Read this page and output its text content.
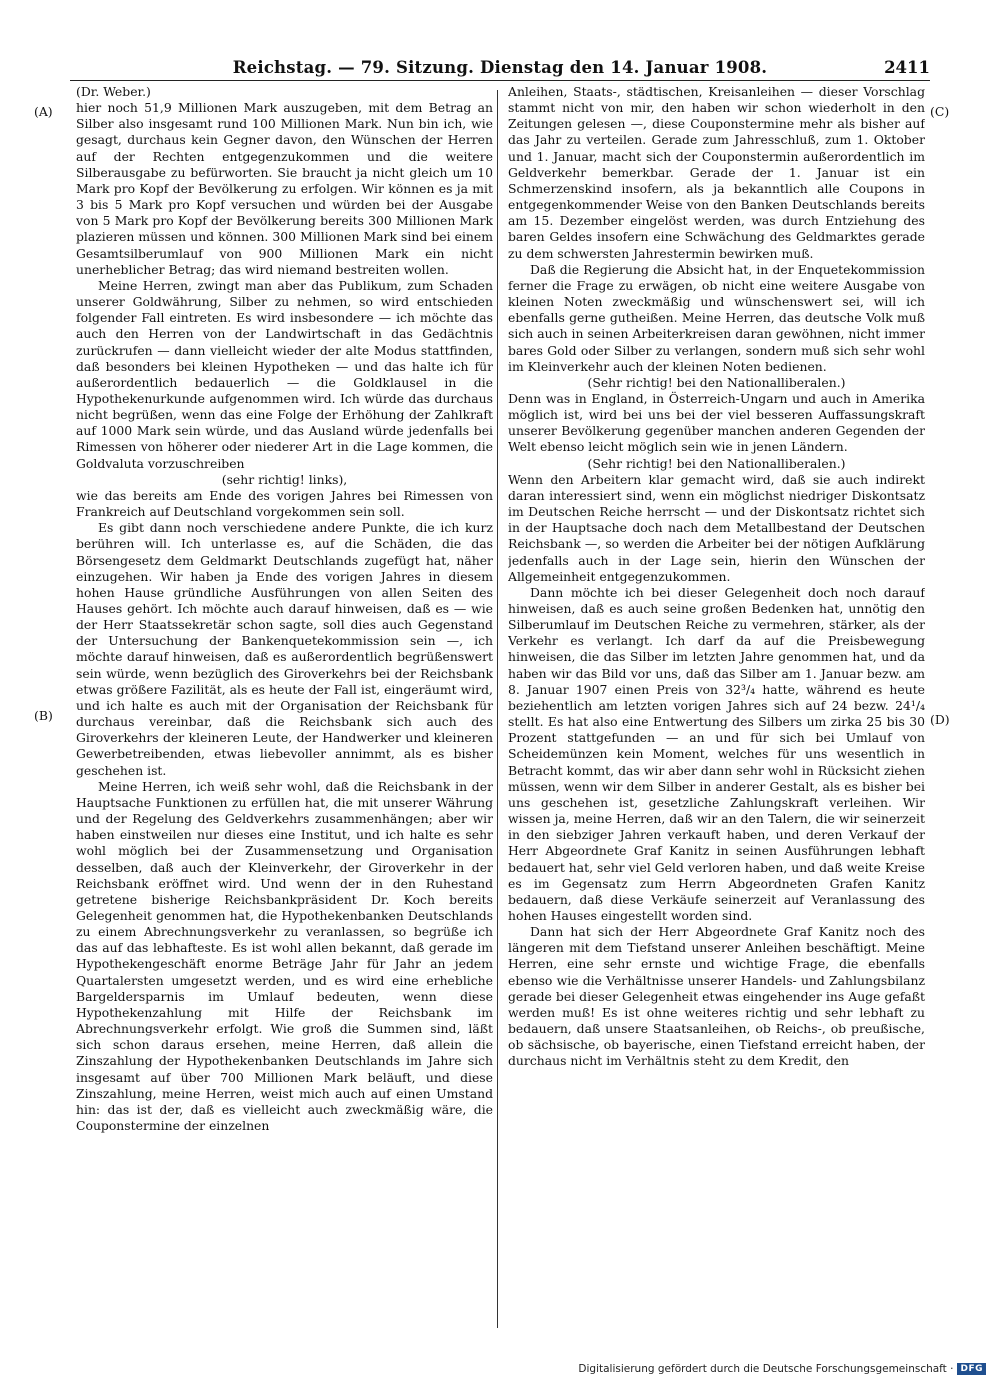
Reichstag. — 79. Sitzung. Dienstag den 14. Januar 1908.	2411
(A)
(B)
(C)
(D)
(Dr. Weber.)

hier noch 51,9 Millionen Mark auszugeben, mit dem Betrag an Silber also insgesamt rund 100 Millionen Mark. Nun bin ich, wie gesagt, durchaus kein Gegner davon, den Wünschen der Herren auf der Rechten entgegenzukommen und die weitere Silberausgabe zu befürworten. Sie braucht ja nicht gleich um 10 Mark pro Kopf der Bevölkerung zu erfolgen. Wir können es ja mit 3 bis 5 Mark pro Kopf versuchen und würden bei der Ausgabe von 5 Mark pro Kopf der Bevölkerung bereits 300 Millionen Mark plazieren müssen und können. 300 Millionen Mark sind bei einem Gesamtsilberumlauf von 900 Millionen Mark ein nicht unerheblicher Betrag; das wird niemand bestreiten wollen.

Meine Herren, zwingt man aber das Publikum, zum Schaden unserer Goldwährung, Silber zu nehmen, so wird entschieden folgender Fall eintreten. Es wird insbesondere — ich möchte das auch den Herren von der Landwirtschaft in das Gedächtnis zurückrufen — dann vielleicht wieder der alte Modus stattfinden, daß besonders bei kleinen Hypotheken — und das halte ich für außerordentlich bedauerlich — die Goldklausel in die Hypothekenurkunde aufgenommen wird. Ich würde das durchaus nicht begrüßen, wenn das eine Folge der Erhöhung der Zahlkraft auf 1000 Mark sein würde, und das Ausland würde jedenfalls bei Rimessen von höherer oder niederer Art in die Lage kommen, die Goldvaluta vorzuschreiben

(sehr richtig! links),

wie das bereits am Ende des vorigen Jahres bei Rimessen von Frankreich auf Deutschland vorgekommen sein soll.

Es gibt dann noch verschiedene andere Punkte, die ich kurz berühren will. Ich unterlasse es, auf die Schäden, die das Börsengesetz dem Geldmarkt Deutschlands zugefügt hat, näher einzugehen. Wir haben ja Ende des vorigen Jahres in diesem hohen Hause gründliche Ausführungen von allen Seiten des Hauses gehört. Ich möchte auch darauf hinweisen, daß es — wie der Herr Staatssekretär schon sagte, soll dies auch Gegenstand der Untersuchung der Bankenquetekommission sein —, ich möchte darauf hinweisen, daß es außerordentlich begrüßenswert sein würde, wenn bezüglich des Giroverkehrs bei der Reichsbank etwas größere Fazilität, als es heute der Fall ist, eingeräumt wird, und ich halte es auch mit der Organisation der Reichsbank für durchaus vereinbar, daß die Reichsbank sich auch des Giroverkehrs der kleineren Leute, der Handwerker und kleineren Gewerbetreibenden, etwas liebevoller annimmt, als es bisher geschehen ist.

Meine Herren, ich weiß sehr wohl, daß die Reichsbank in der Hauptsache Funktionen zu erfüllen hat, die mit unserer Währung und der Regelung des Geldverkehrs zusammenhängen; aber wir haben einstweilen nur dieses eine Institut, und ich halte es sehr wohl möglich bei der Zusammensetzung und Organisation desselben, daß auch der Kleinverkehr, der Giroverkehr in der Reichsbank eröffnet wird. Und wenn der in den Ruhestand getretene bisherige Reichsbankpräsident Dr. Koch bereits Gelegenheit genommen hat, die Hypothekenbanken Deutschlands zu einem Abrechnungsverkehr zu veranlassen, so begrüße ich das auf das lebhafteste. Es ist wohl allen bekannt, daß gerade im Hypothekengeschäft enorme Beträge Jahr für Jahr an jedem Quartalersten umgesetzt werden, und es wird eine erhebliche Bargeldersparnis im Umlauf bedeuten, wenn diese Hypothekenzahlung mit Hilfe der Reichsbank im Abrechnungsverkehr erfolgt. Wie groß die Summen sind, läßt sich schon daraus ersehen, meine Herren, daß allein die Zinszahlung der Hypothekenbanken Deutschlands im Jahre sich insgesamt auf über 700 Millionen Mark beläuft, und diese Zinszahlung, meine Herren, weist mich auch auf einen Umstand hin: das ist der, daß es vielleicht auch zweckmäßig wäre, die Couponstermine der einzelnen

Anleihen, Staats-, städtischen, Kreisanleihen — dieser Vorschlag stammt nicht von mir, den haben wir schon wiederholt in den Zeitungen gelesen —, diese Couponstermine mehr als bisher auf das Jahr zu verteilen. Gerade zum Jahresschluß, zum 1. Oktober und 1. Januar, macht sich der Couponstermin außerordentlich im Geldverkehr bemerkbar. Gerade der 1. Januar ist ein Schmerzenskind insofern, als ja bekanntlich alle Coupons in entgegenkommender Weise von den Banken Deutschlands bereits am 15. Dezember eingelöst werden, was durch Entziehung des baren Geldes insofern eine Schwächung des Geldmarktes gerade zu dem schwersten Jahrestermin bewirken muß.

Daß die Regierung die Absicht hat, in der Enquetekommission ferner die Frage zu erwägen, ob nicht eine weitere Ausgabe von kleinen Noten zweckmäßig und wünschenswert sei, will ich ebenfalls gerne gutheißen. Meine Herren, das deutsche Volk muß sich auch in seinen Arbeiterkreisen daran gewöhnen, nicht immer bares Gold oder Silber zu verlangen, sondern muß sich sehr wohl im Kleinverkehr auch der kleinen Noten bedienen.

(Sehr richtig! bei den Nationalliberalen.)

Denn was in England, in Österreich-Ungarn und auch in Amerika möglich ist, wird bei uns bei der viel besseren Auffassungskraft unserer Bevölkerung gegenüber manchen anderen Gegenden der Welt ebenso leicht möglich sein wie in jenen Ländern.

(Sehr richtig! bei den Nationalliberalen.)

Wenn den Arbeitern klar gemacht wird, daß sie auch indirekt daran interessiert sind, wenn ein möglichst niedriger Diskontsatz im Deutschen Reiche herrscht — und der Diskontsatz richtet sich in der Hauptsache doch nach dem Metallbestand der Deutschen Reichsbank —, so werden die Arbeiter bei der nötigen Aufklärung jedenfalls auch in der Lage sein, hierin den Wünschen der Allgemeinheit entgegenzukommen.

Dann möchte ich bei dieser Gelegenheit doch noch darauf hinweisen, daß es auch seine großen Bedenken hat, unnötig den Silberumlauf im Deutschen Reiche zu vermehren, stärker, als der Verkehr es verlangt. Ich darf da auf die Preisbewegung hinweisen, die das Silber im letzten Jahre genommen hat, und da haben wir das Bild vor uns, daß das Silber am 1. Januar bezw. am 8. Januar 1907 einen Preis von 32³/₄ hatte, während es heute beziehentlich am letzten vorigen Jahres sich auf 24 bezw. 24¹/₄ stellt. Es hat also eine Entwertung des Silbers um zirka 25 bis 30 Prozent stattgefunden — an und für sich bei Umlauf von Scheidemünzen kein Moment, welches für uns wesentlich in Betracht kommt, das wir aber dann sehr wohl in Rücksicht ziehen müssen, wenn wir dem Silber in anderer Gestalt, als es bisher bei uns geschehen ist, gesetzliche Zahlungskraft verleihen. Wir wissen ja, meine Herren, daß wir an den Talern, die wir seinerzeit in den siebziger Jahren verkauft haben, und deren Verkauf der Herr Abgeordnete Graf Kanitz in seinen Ausführungen lebhaft bedauert hat, sehr viel Geld verloren haben, und daß weite Kreise es im Gegensatz zum Herrn Abgeordneten Grafen Kanitz bedauern, daß diese Verkäufe seinerzeit auf Veranlassung des hohen Hauses eingestellt worden sind.

Dann hat sich der Herr Abgeordnete Graf Kanitz noch des längeren mit dem Tiefstand unserer Anleihen beschäftigt. Meine Herren, eine sehr ernste und wichtige Frage, die ebenfalls ebenso wie die Verhältnisse unserer Handels- und Zahlungsbilanz gerade bei dieser Gelegenheit etwas eingehender ins Auge gefaßt werden muß! Es ist ohne weiteres richtig und sehr lebhaft zu bedauern, daß unsere Staatsanleihen, ob Reichs-, ob preußische, ob sächsische, ob bayerische, einen Tiefstand erreicht haben, der durchaus nicht im Verhältnis steht zu dem Kredit, den

Digitalisierung gefördert durch die Deutsche Forschungsgemeinschaft · DFG
